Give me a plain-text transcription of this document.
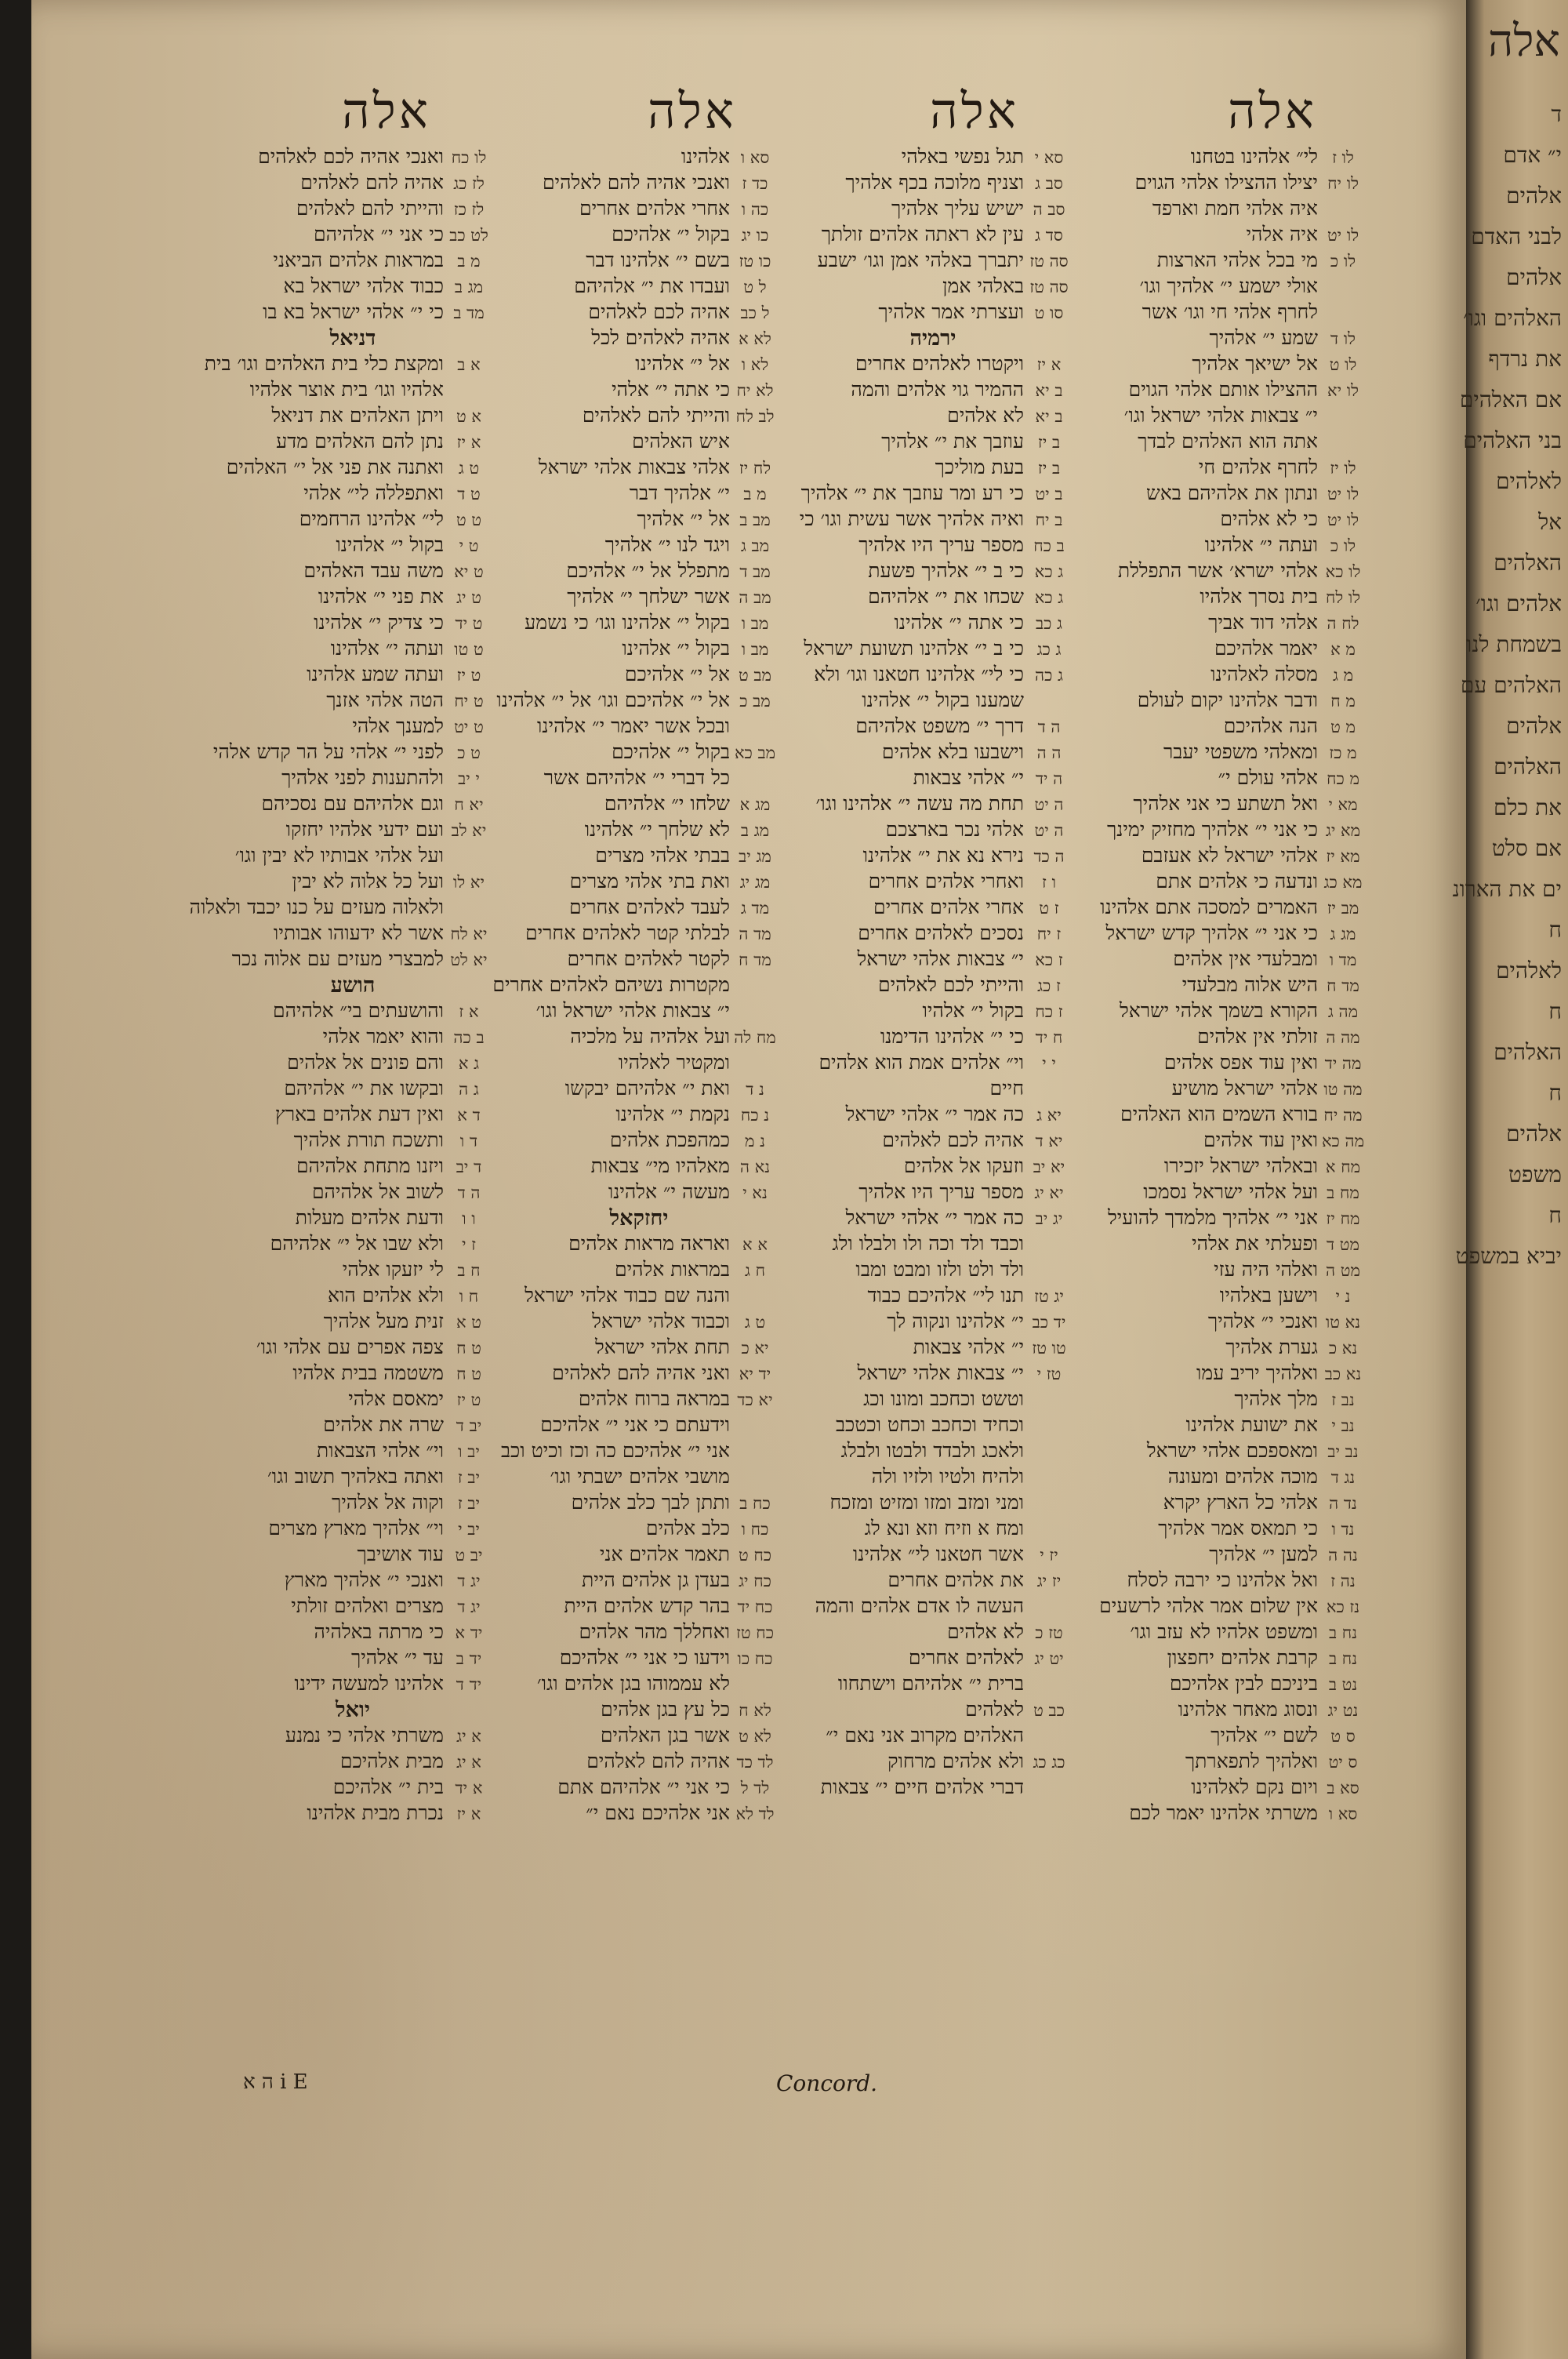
אלה
אלה
אלה
אלה
לו ז
לי״ אלהינו בטחנו
לו יח
יצילו ההצילו אלהי הגוים
איה אלהי חמת וארפד
לו יט
איה אלהי
לו כ
מי בכל אלהי הארצות
אולי ישמע י״ אלהיך וגו׳
לחרף אלהי חי וגו׳ אשר
לו ד
שמע י״ אלהיך
לו ט
אל ישיאך אלהיך
לו יא
ההצילו אותם אלהי הגוים
י״ צבאות אלהי ישראל וגו׳
אתה הוא האלהים לבדך
לו יז
לחרף אלהים חי
לו יט
ונתון את אלהיהם באש
לו יט
כי לא אלהים
לו כ
ועתה י״ אלהינו
לו כא
אלהי ישרא׳ אשר התפללת
לו לח
בית נסרך אלהיו
לח ה
אלהי דוד אביך
מ א
יאמר אלהיכם
מ ג
מסלה לאלהינו
מ ח
ודבר אלהינו יקום לעולם
מ ט
הנה אלהיכם
מ כז
ומאלהי משפטי יעבר
מ כח
אלהי עולם י״
מא י
ואל תשתע כי אני אלהיך
מא יג
כי אני י״ אלהיך מחזיק ימינך
מא יז
אלהי ישראל לא אעזבם
מא כג
ונדעה כי אלהים אתם
מב יז
האמרים למסכה אתם אלהינו
מג ג
כי אני י״ אלהיך קדש ישראל
מד ו
ומבלעדי אין אלהים
מד ח
היש אלוה מבלעדי
מה ג
הקורא בשמך אלהי ישראל
מה ה
זולתי אין אלהים
מה יד
ואין עוד אפס אלהים
מה טו
אלהי ישראל מושיע
מה יח
בורא השמים הוא האלהים
מה כא
ואין עוד אלהים
מח א
ובאלהי ישראל יזכירו
מח ב
ועל אלהי ישראל נסמכו
מח יז
אני י״ אלהיך מלמדך להועיל
מט ד
ופעלתי את אלהי
מט ה
ואלהי היה עזי
נ י
וישען באלהיו
נא טו
ואנכי י״ אלהיך
נא כ
גערת אלהיך
נא כב
ואלהיך יריב עמו
נב ז
מלך אלהיך
נב י
את ישועת אלהינו
נב יב
ומאספכם אלהי ישראל
נג ד
מוכה אלהים ומעונה
נד ה
אלהי כל הארץ יקרא
נד ו
כי תמאס אמר אלהיך
נה ה
למען י״ אלהיך
נה ז
ואל אלהינו כי ירבה לסלח
נז כא
אין שלום אמר אלהי לרשעים
נח ב
ומשפט אלהיו לא עזב וגו׳
נח ב
קרבת אלהים יחפצון
נט ב
ביניכם לבין אלהיכם
נט יג
ונסוג מאחר אלהינו
ס ט
לשם י״ אלהיך
ס יט
ואלהיך לתפארתך
סא ב
ויום נקם לאלהינו
סא ו
משרתי אלהינו יאמר לכם
סא י
תגל נפשי באלהי
סב ג
וצניף מלוכה בכף אלהיך
סב ה
ישיש עליך אלהיך
סד ג
עין לא ראתה אלהים זולתך
סה טז
יתברך באלהי אמן וגו׳ ישבע
סה טז
באלהי אמן
סו ט
ועצרתי אמר אלהיך
ירמיה
א יז
ויקטרו לאלהים אחרים
ב יא
ההמיר גוי אלהים והמה
ב יא
לא אלהים
ב יז
עוזבך את י״ אלהיך
ב יז
בעת מוליכך
ב יט
כי רע ומר עוזבך את י״ אלהיך
ב יח
ואיה אלהיך אשר עשית וגו׳ כי
ב כח
מספר עריך היו אלהיך
ג כא
כי ב י״ אלהיך פשעת
ג כא
שכחו את י״ אלהיהם
ג כב
כי אתה י״ אלהינו
ג כג
כי ב י״ אלהינו תשועת ישראל
ג כה
כי לי״ אלהינו חטאנו וגו׳ ולא
שמענו בקול י״ אלהינו
ה ד
דרך י״ משפט אלהיהם
ה ה
וישבעו בלא אלהים
ה יד
י״ אלהי צבאות
ה יט
תחת מה עשה י״ אלהינו וגו׳
ה יט
אלהי נכר בארצכם
ה כד
נירא נא את י״ אלהינו
ו ז
ואחרי אלהים אחרים
ז ט
אחרי אלהים אחרים
ז יח
נסכים לאלהים אחרים
ז כא
י״ צבאות אלהי ישראל
ז כג
והייתי לכם לאלהים
ז כח
בקול י״ אלהיו
ח יד
כי י״ אלהינו הדימנו
י י
וי״ אלהים אמת הוא אלהים
חיים
יא ג
כה אמר י״ אלהי ישראל
יא ד
אהיה לכם לאלהים
יא יב
וזעקו אל אלהים
יא יג
מספר עריך היו אלהיך
יג יב
כה אמר י״ אלהי ישראל
וכבד ולד וכה ולו ולבלו ולג
ולד ולט ולזו ומבט ומבו
יג טז
תנו לי״ אלהיכם כבוד
יד כב
י״ אלהינו ונקוה לך
טו טז
י״ אלהי צבאות
טז י
י״ צבאות אלהי ישראל
וטשט וכחכב ומונו וכג
וכחיד וכחכב וכחט וכטכב
ולאכג ולבדד ולבטו ולבלג
ולהיח ולטיו ולזיו ולה
ומני ומזב ומזו ומזיט ומזכח
ומח א וזיח וזא ונא לג
יז י
אשר חטאנו לי״ אלהינו
יז יג
את אלהים אחרים
העשה לו אדם אלהים והמה
טז כ
לא אלהים
יט יג
לאלהים אחרים
ברית י״ אלהיהם וישתחוו
כב ט
לאלהים
האלהים מקרוב אני נאם י״
כג כג
ולא אלהים מרחוק
דברי אלהים חיים י״ צבאות
סא ו
אלהינו
כד ז
ואנכי אהיה להם לאלהים
כה ו
אחרי אלהים אחרים
כו יג
בקול י״ אלהיכם
כו טז
בשם י״ אלהינו דבר
ל ט
ועבדו את י״ אלהיהם
ל כב
אהיה לכם לאלהים
לא א
אהיה לאלהים לכל
לא ו
אל י״ אלהינו
לא יח
כי אתה י״ אלהי
לב לח
והייתי להם לאלהים
איש האלהים
לח יז
אלהי צבאות אלהי ישראל
מ ב
י״ אלהיך דבר
מב ב
אל י״ אלהיך
מב ג
ויגד לנו י״ אלהיך
מב ד
מתפלל אל י״ אלהיכם
מב ה
אשר ישלחך י״ אלהיך
מב ו
בקול י״ אלהינו וגו׳ כי נשמע
מב ו
בקול י״ אלהינו
מב ט
אל י״ אלהיכם
מב כ
אל י״ אלהיכם וגו׳ אל י״ אלהינו
ובכל אשר יאמר י״ אלהינו
מב כא
בקול י״ אלהיכם
כל דברי י״ אלהיהם אשר
מג א
שלחו י״ אלהיהם
מג ב
לא שלחך י״ אלהינו
מג יב
בבתי אלהי מצרים
מג יג
ואת בתי אלהי מצרים
מד ג
לעבד לאלהים אחרים
מד ה
לבלתי קטר לאלהים אחרים
מד ח
לקטר לאלהים אחרים
מקטרות נשיהם לאלהים אחרים
י״ צבאות אלהי ישראל וגו׳
מח לה
ועל אלהיה על מלכיה
ומקטיר לאלהיו
נ ד
ואת י״ אלהיהם יבקשו
נ כח
נקמת י״ אלהינו
נ מ
כמהפכת אלהים
נא ה
מאלהיו מי״ צבאות
נא י
מעשה י״ אלהינו
יחזקאל
א א
ואראה מראות אלהים
ח ג
במראות אלהים
והנה שם כבוד אלהי ישראל
ט ג
וכבוד אלהי ישראל
יא כ
תחת אלהי ישראל
יד יא
ואני אהיה להם לאלהים
יא כד
במראה ברוח אלהים
וידעתם כי אני י״ אלהיכם
אני י״ אלהיכם כה וכז וכיט וכב
מושבי אלהים ישבתי וגו׳
כח ב
ותתן לבך כלב אלהים
כח ו
כלב אלהים
כח ט
תאמר אלהים אני
כח יג
בעדן גן אלהים היית
כח יד
בהר קדש אלהים היית
כח טז
ואחללך מהר אלהים
כח כו
וידעו כי אני י״ אלהיכם
לא עממוהו בגן אלהים וגו׳
לא ח
כל עץ בגן אלהים
לא ט
אשר בגן האלהים
לד כד
אהיה להם לאלהים
לד ל
כי אני י״ אלהיהם אתם
לד לא
אני אלהיכם נאם י״
לו כח
ואנכי אהיה לכם לאלהים
לז כג
אהיה להם לאלהים
לז כז
והייתי להם לאלהים
לט כב
כי אני י״ אלהיהם
מ ב
במראות אלהים הביאני
מג ב
כבוד אלהי ישראל בא
מד ב
כי י״ אלהי ישראל בא בו
דניאל
א ב
ומקצת כלי בית האלהים וגו׳ בית
אלהיו וגו׳ בית אוצר אלהיו
א ט
ויתן האלהים את דניאל
א יז
נתן להם האלהים מדע
ט ג
ואתנה את פני אל י״ האלהים
ט ד
ואתפללה לי״ אלהי
ט ט
לי״ אלהינו הרחמים
ט י
בקול י״ אלהינו
ט יא
משה עבד האלהים
ט יג
את פני י״ אלהינו
ט יד
כי צדיק י״ אלהינו
ט טו
ועתה י״ אלהינו
ט יז
ועתה שמע אלהינו
ט יח
הטה אלהי אזנך
ט יט
למענך אלהי
ט כ
לפני י״ אלהי על הר קדש אלהי
י יב
ולהתענות לפני אלהיך
יא ח
וגם אלהיהם עם נסכיהם
יא לב
ועם ידעי אלהיו יחזקו
ועל אלהי אבותיו לא יבין וגו׳
יא לו
ועל כל אלוה לא יבין
ולאלוה מעזים על כנו יכבד ולאלוה
יא לח
אשר לא ידעוהו אבותיו
יא לט
למבצרי מעזים עם אלוה נכר
הושע
א ז
והושעתים בי״ אלהיהם
ב כה
והוא יאמר אלהי
ג א
והם פונים אל אלהים
ג ה
ובקשו את י״ אלהיהם
ד א
ואין דעת אלהים בארץ
ד ו
ותשכח תורת אלהיך
ד יב
ויזנו מתחת אלהיהם
ה ד
לשוב אל אלהיהם
ו ו
ודעת אלהים מעלות
ז י
ולא שבו אל י״ אלהיהם
ח ב
לי יזעקו אלהי
ח ו
ולא אלהים הוא
ט א
זנית מעל אלהיך
ט ח
צפה אפרים עם אלהי וגו׳
ט ח
משטמה בבית אלהיו
ט יז
ימאסם אלהי
יב ד
שרה את אלהים
יב ו
וי״ אלהי הצבאות
יב ז
ואתה באלהיך תשוב וגו׳
יב ז
וקוה אל אלהיך
יב י
וי״ אלהיך מארץ מצרים
יב ט
עוד אושיבך
יג ד
ואנכי י״ אלהיך מארץ
יג ד
מצרים ואלהים זולתי
יד א
כי מרתה באלהיה
יד ב
עד י״ אלהיך
יד ד
אלהינו למעשה ידינו
יואל
א יג
משרתי אלהי כי נמנע
א יג
מבית אלהיכם
א יד
בית י״ אלהיכם
א יז
נכרת מבית אלהינו
ה א i E	Concord.
אלה
ד
י״ אדם
אלהים
לבני האדם
אלהים
האלהים וגו׳
את נרדף
אם האלהים
בני האלהים
לאלהים
אל
האלהים
אלהים וגו׳
בשמחת לנו
האלהים עם
אלהים
האלהים
את כלם
אם סלט
ים את הארונ
ח
לאלהים
ח
האלהים
ח
אלהים
משפט
ח
יביא במשפט
